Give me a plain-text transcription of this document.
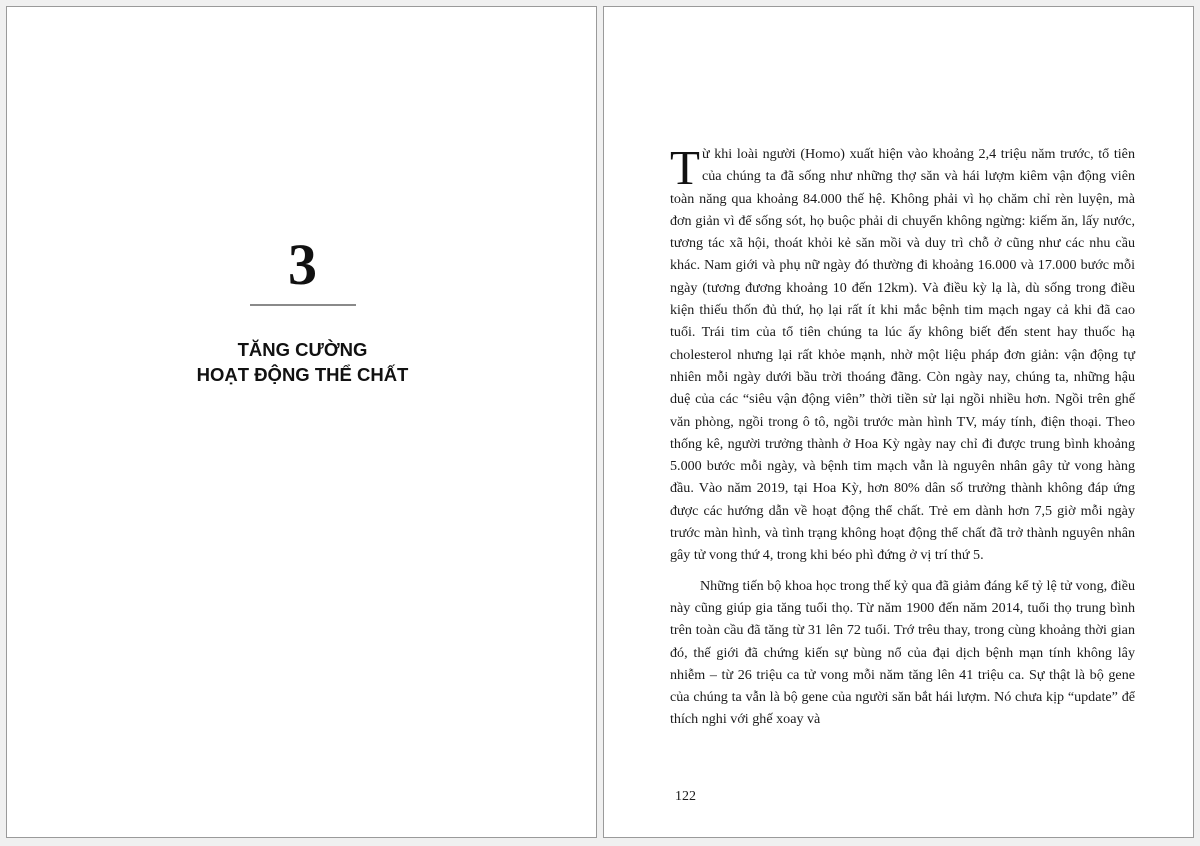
3
TĂNG CƯỜNG
HOẠT ĐỘNG THỂ CHẤT

Từ khi loài người (Homo) xuất hiện vào khoảng 2,4 triệu năm trước, tổ tiên của chúng ta đã sống như những thợ săn và hái lượm kiêm vận động viên toàn năng qua khoảng 84.000 thế hệ. Không phải vì họ chăm chỉ rèn luyện, mà đơn giản vì để sống sót, họ buộc phải di chuyển không ngừng: kiếm ăn, lấy nước, tương tác xã hội, thoát khỏi kẻ săn mồi và duy trì chỗ ở cũng như các nhu cầu khác. Nam giới và phụ nữ ngày đó thường đi khoảng 16.000 và 17.000 bước mỗi ngày (tương đương khoảng 10 đến 12km). Và điều kỳ lạ là, dù sống trong điều kiện thiếu thốn đủ thứ, họ lại rất ít khi mắc bệnh tim mạch ngay cả khi đã cao tuổi. Trái tim của tổ tiên chúng ta lúc ấy không biết đến stent hay thuốc hạ cholesterol nhưng lại rất khỏe mạnh, nhờ một liệu pháp đơn giản: vận động tự nhiên mỗi ngày dưới bầu trời thoáng đãng. Còn ngày nay, chúng ta, những hậu duệ của các “siêu vận động viên” thời tiền sử lại ngồi nhiều hơn. Ngồi trên ghế văn phòng, ngồi trong ô tô, ngồi trước màn hình TV, máy tính, điện thoại. Theo thống kê, người trưởng thành ở Hoa Kỳ ngày nay chỉ đi được trung bình khoảng 5.000 bước mỗi ngày, và bệnh tim mạch vẫn là nguyên nhân gây tử vong hàng đầu. Vào năm 2019, tại Hoa Kỳ, hơn 80% dân số trưởng thành không đáp ứng được các hướng dẫn về hoạt động thể chất. Trẻ em dành hơn 7,5 giờ mỗi ngày trước màn hình, và tình trạng không hoạt động thể chất đã trở thành nguyên nhân gây tử vong thứ 4, trong khi béo phì đứng ở vị trí thứ 5.

Những tiến bộ khoa học trong thế kỷ qua đã giảm đáng kể tỷ lệ tử vong, điều này cũng giúp gia tăng tuổi thọ. Từ năm 1900 đến năm 2014, tuổi thọ trung bình trên toàn cầu đã tăng từ 31 lên 72 tuổi. Trớ trêu thay, trong cùng khoảng thời gian đó, thế giới đã chứng kiến sự bùng nổ của đại dịch bệnh mạn tính không lây nhiễm – từ 26 triệu ca tử vong mỗi năm tăng lên 41 triệu ca. Sự thật là bộ gene của chúng ta vẫn là bộ gene của người săn bắt hái lượm. Nó chưa kịp “update” để thích nghi với ghế xoay và

122
